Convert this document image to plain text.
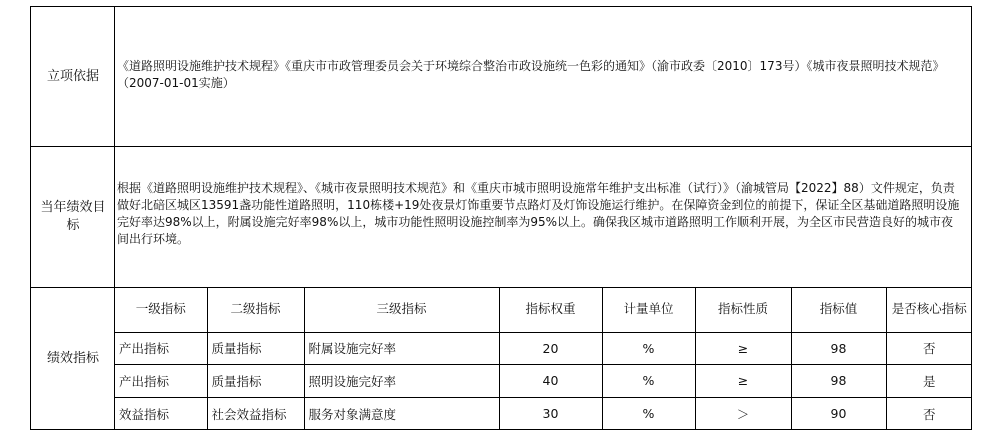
立项依据
《道路照明设施维护技术规程》《重庆市市政管理委员会关于环境综合整治市政设施统一色彩的通知》（渝市政委〔2010〕173号）《城市夜景照明技术规范》（2007-01-01实施）
当年绩效目标
根据《道路照明设施维护技术规程》、《城市夜景照明技术规范》和《重庆市城市照明设施常年维护支出标准（试行）》（渝城管局【2022】88）文件规定，负责做好北碚区城区13591盏功能性道路照明，110栋楼+19处夜景灯饰重要节点路灯及灯饰设施运行维护。在保障资金到位的前提下，保证全区基础道路照明设施完好率达98%以上，附属设施完好率98%以上，城市功能性照明设施控制率为95%以上。确保我区城市道路照明工作顺利开展，为全区市民营造良好的城市夜间出行环境。
绩效指标
一级指标	二级指标	三级指标	指标权重	计量单位	指标性质	指标值	是否核心指标
产出指标	质量指标	附属设施完好率	20	%	≥	98	否
产出指标	质量指标	照明设施完好率	40	%	≥	98	是
效益指标	社会效益指标	服务对象满意度	30	%	＞	90	否
